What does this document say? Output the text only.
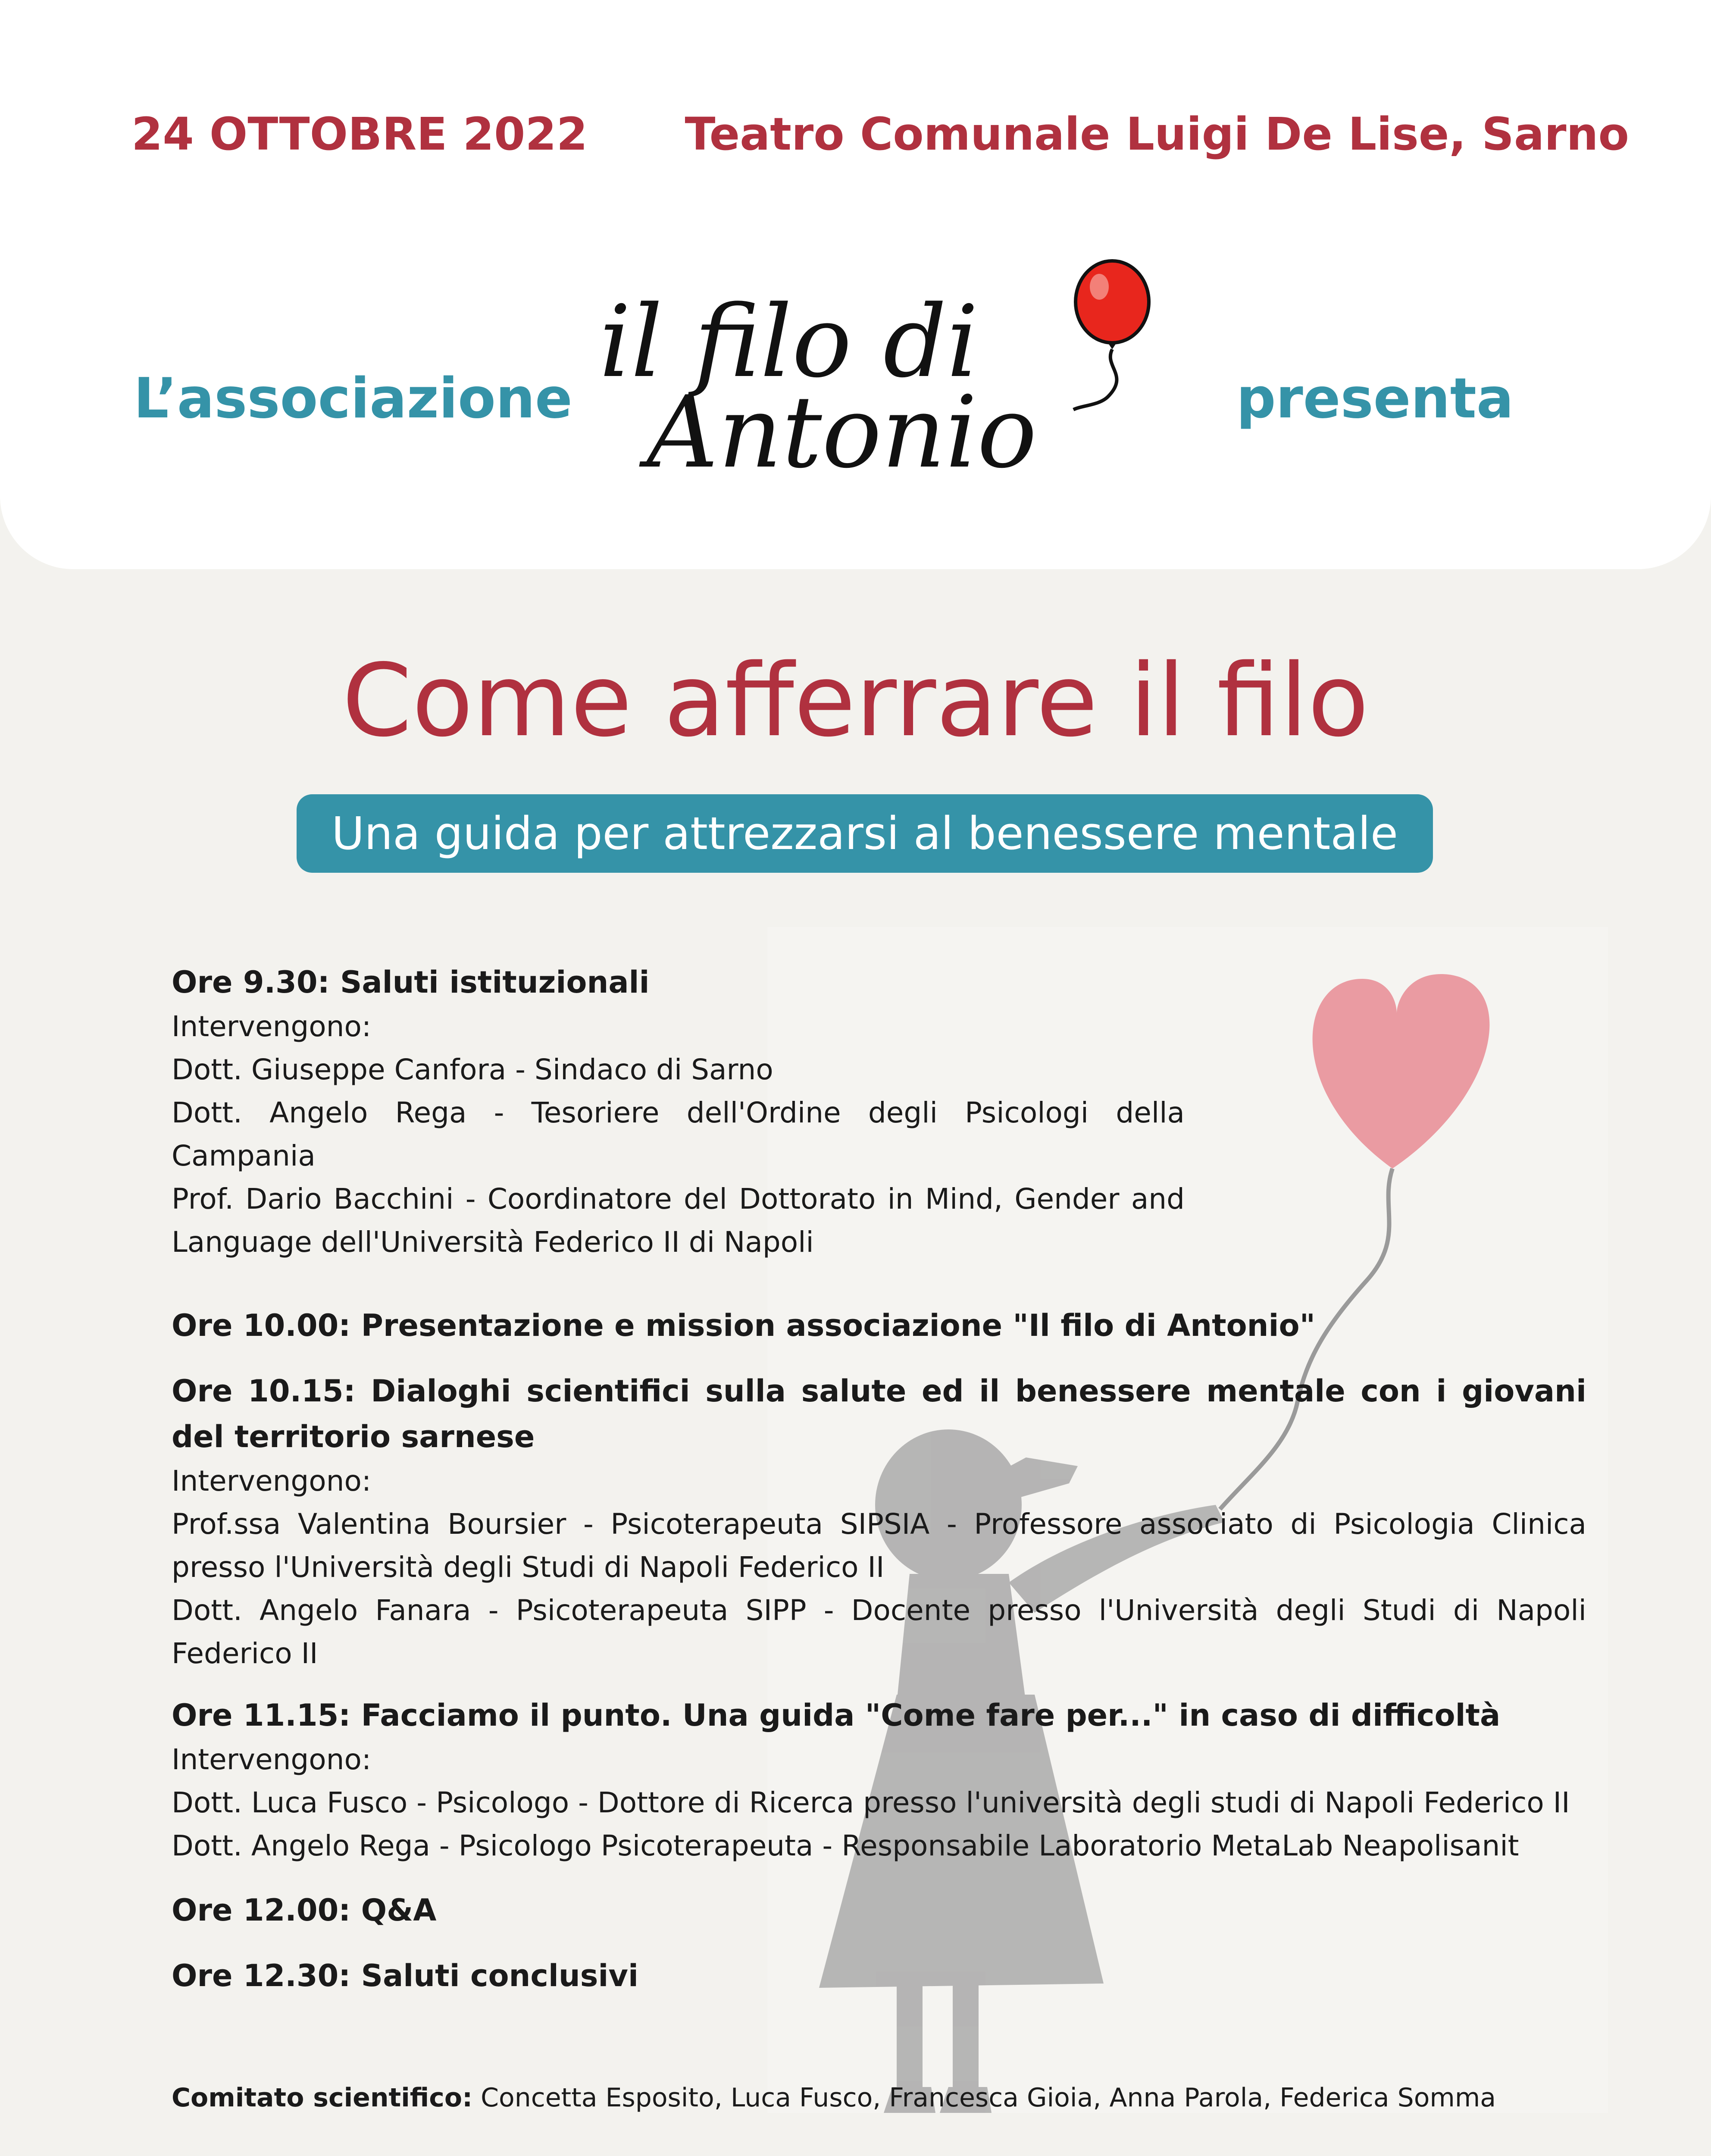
24 OTTOBRE 2022 Teatro Comunale Luigi De Lise, Sarno
L’associazione il filo di
Antonio	presenta
Come afferrare il filo
Una guida per attrezzarsi al benessere mentale

Ore 9.30: Saluti istituzionali

Intervengono:

Dott. Giuseppe Canfora - Sindaco di Sarno

Dott. Angelo Rega - Tesoriere dell'Ordine degli Psicologi della Campania

Prof. Dario Bacchini - Coordinatore del Dottorato in Mind, Gender and Language dell'Università Federico II di Napoli

Ore 10.00: Presentazione e mission associazione "Il filo di Antonio"

Ore 10.15: Dialoghi scientifici sulla salute ed il benessere mentale con i giovani del territorio sarnese

Intervengono:

Prof.ssa Valentina Boursier - Psicoterapeuta SIPSIA - Professore associato di Psicologia Clinica presso l'Università degli Studi di Napoli Federico II

Dott. Angelo Fanara - Psicoterapeuta SIPP - Docente presso l'Università degli Studi di Napoli Federico II

Ore 11.15: Facciamo il punto. Una guida "Come fare per..." in caso di difficoltà

Intervengono:

Dott. Luca Fusco - Psicologo - Dottore di Ricerca presso l'università degli studi di Napoli Federico II

Dott. Angelo Rega - Psicologo Psicoterapeuta - Responsabile Laboratorio MetaLab Neapolisanit

Ore 12.00: Q&A

Ore 12.30: Saluti conclusivi

Comitato scientifico: Concetta Esposito, Luca Fusco, Francesca Gioia, Anna Parola, Federica Somma
